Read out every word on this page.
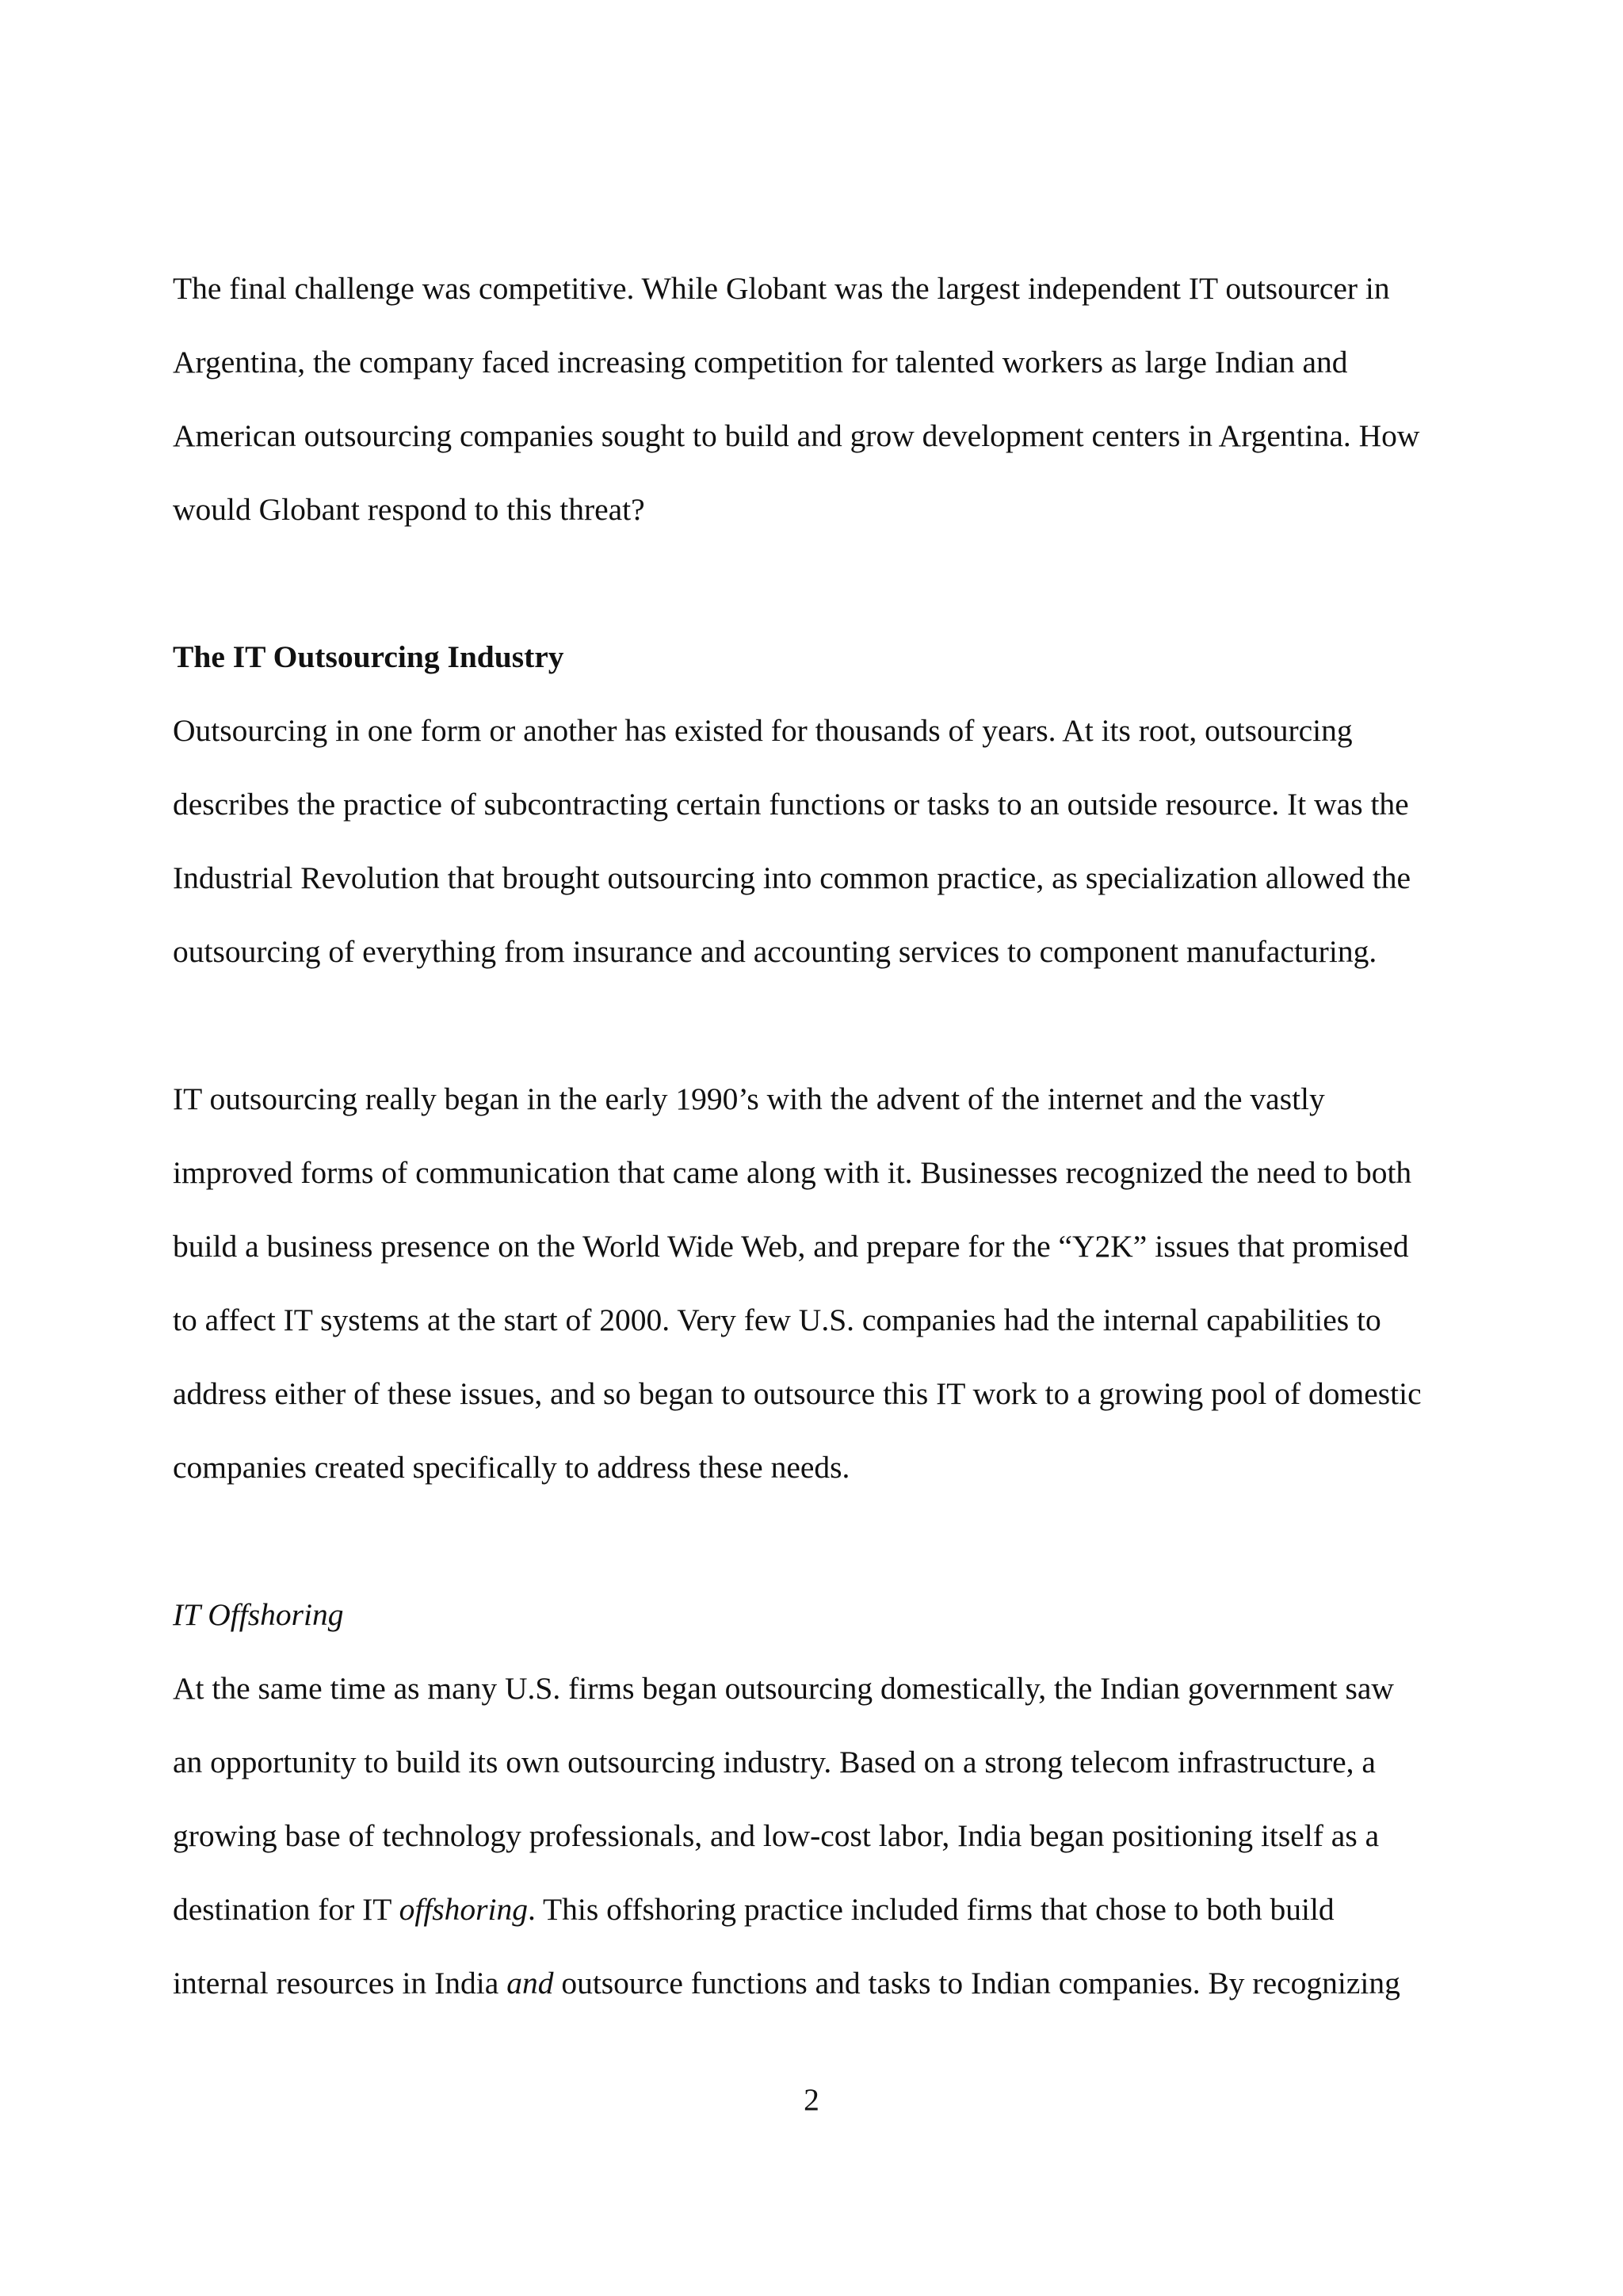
The final challenge was competitive. While Globant was the largest independent IT outsourcer in
Argentina, the company faced increasing competition for talented workers as large Indian and
American outsourcing companies sought to build and grow development centers in Argentina. How
would Globant respond to this threat?

The IT Outsourcing Industry

Outsourcing in one form or another has existed for thousands of years. At its root, outsourcing
describes the practice of subcontracting certain functions or tasks to an outside resource. It was the
Industrial Revolution that brought outsourcing into common practice, as specialization allowed the
outsourcing of everything from insurance and accounting services to component manufacturing.

IT outsourcing really began in the early 1990’s with the advent of the internet and the vastly
improved forms of communication that came along with it. Businesses recognized the need to both
build a business presence on the World Wide Web, and prepare for the “Y2K” issues that promised
to affect IT systems at the start of 2000. Very few U.S. companies had the internal capabilities to
address either of these issues, and so began to outsource this IT work to a growing pool of domestic
companies created specifically to address these needs.

IT Offshoring

At the same time as many U.S. firms began outsourcing domestically, the Indian government saw
an opportunity to build its own outsourcing industry. Based on a strong telecom infrastructure, a
growing base of technology professionals, and low-cost labor, India began positioning itself as a
destination for IT offshoring. This offshoring practice included firms that chose to both build
internal resources in India and outsource functions and tasks to Indian companies. By recognizing

2
